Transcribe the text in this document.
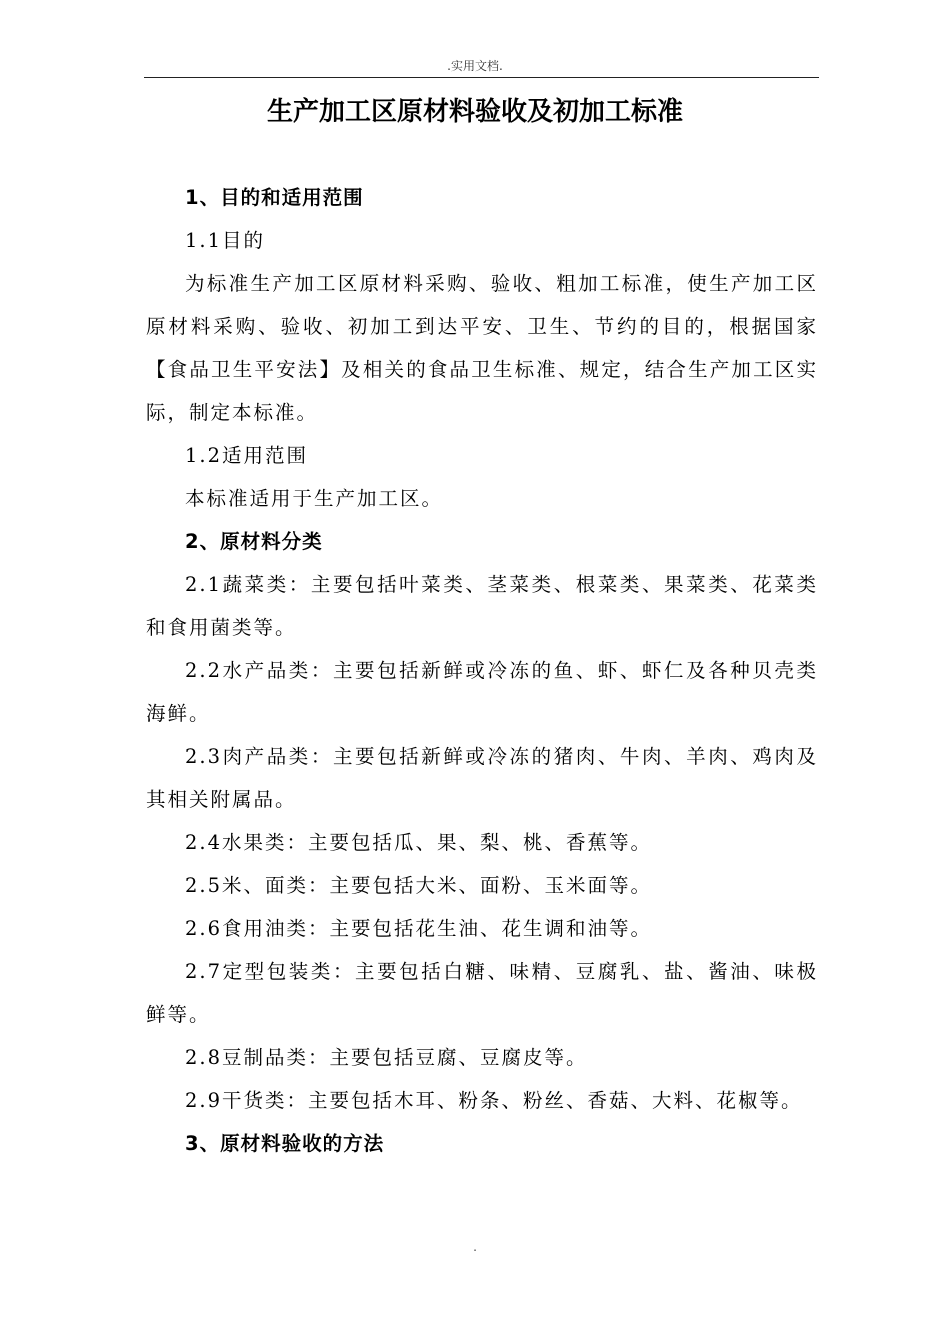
.实用文档.
生产加工区原材料验收及初加工标准

1、目的和适用范围

1.1目的

为标准生产加工区原材料采购、验收、粗加工标准，使生产加工区原材料采购、验收、初加工到达平安、卫生、节约的目的，根据国家【食品卫生平安法】及相关的食品卫生标准、规定，结合生产加工区实际，制定本标准。

1.2适用范围

本标准适用于生产加工区。

2、原材料分类

2.1蔬菜类：主要包括叶菜类、茎菜类、根菜类、果菜类、花菜类和食用菌类等。

2.2水产品类：主要包括新鲜或冷冻的鱼、虾、虾仁及各种贝壳类海鲜。

2.3肉产品类：主要包括新鲜或冷冻的猪肉、牛肉、羊肉、鸡肉及其相关附属品。

2.4水果类：主要包括瓜、果、梨、桃、香蕉等。

2.5米、面类：主要包括大米、面粉、玉米面等。

2.6食用油类：主要包括花生油、花生调和油等。

2.7定型包装类：主要包括白糖、味精、豆腐乳、盐、酱油、味极鲜等。

2.8豆制品类：主要包括豆腐、豆腐皮等。

2.9干货类：主要包括木耳、粉条、粉丝、香菇、大料、花椒等。

3、原材料验收的方法

.
